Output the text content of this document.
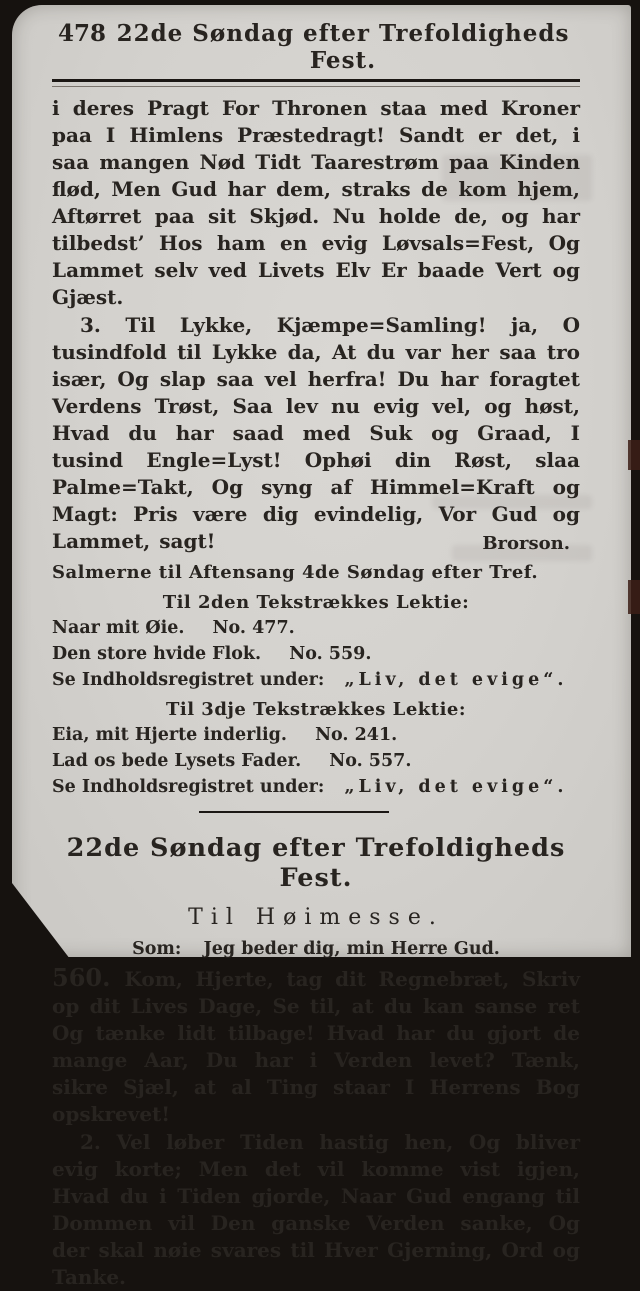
478 22de Søndag efter Trefoldigheds Fest.

i deres Pragt For Thronen staa med Kroner paa I Himlens Præstedragt! Sandt er det, i saa mangen Nød Tidt Taarestrøm paa Kinden flød, Men Gud har dem, straks de kom hjem, Aftørret paa sit Skjød. Nu holde de, og har tilbedst’ Hos ham en evig Løvsals=Fest, Og Lammet selv ved Livets Elv Er baade Vert og Gjæst.

3. Til Lykke, Kjæmpe=Samling! ja, O tusindfold til Lykke da, At du var her saa tro især, Og slap saa vel herfra! Du har foragtet Verdens Trøst, Saa lev nu evig vel, og høst, Hvad du har saad med Suk og Graad, I tusind Engle=Lyst! Ophøi din Røst, slaa Palme=Takt, Og syng af Himmel=Kraft og Magt: Pris være dig evindelig, Vor Gud og Lammet, sagt!	Brorson.
Salmerne til Aftensang 4de Søndag efter Tref.
Til 2den Tekstrækkes Lektie:
Naar mit Øie. No. 477.
Den store hvide Flok. No. 559.
Se Indholdsregistret under: „Liv, det evige“.
Til 3dje Tekstrækkes Lektie:
Eia, mit Hjerte inderlig. No. 241.
Lad os bede Lysets Fader. No. 557.
Se Indholdsregistret under: „Liv, det evige“.
22de Søndag efter Trefoldigheds Fest.
Til Høimesse.
Som: Jeg beder dig, min Herre Gud.

560. Kom, Hjerte, tag dit Regnebræt, Skriv op dit Lives Dage, Se til, at du kan sanse ret Og tænke lidt tilbage! Hvad har du gjort de mange Aar, Du har i Verden levet? Tænk, sikre Sjæl, at al Ting staar I Herrens Bog opskrevet!

2. Vel løber Tiden hastig hen, Og bliver evig korte; Men det vil komme vist igjen, Hvad du i Tiden gjorde, Naar Gud engang til Dommen vil Den ganske Verden sanke, Og der skal nøie svares til Hver Gjerning, Ord og Tanke.
